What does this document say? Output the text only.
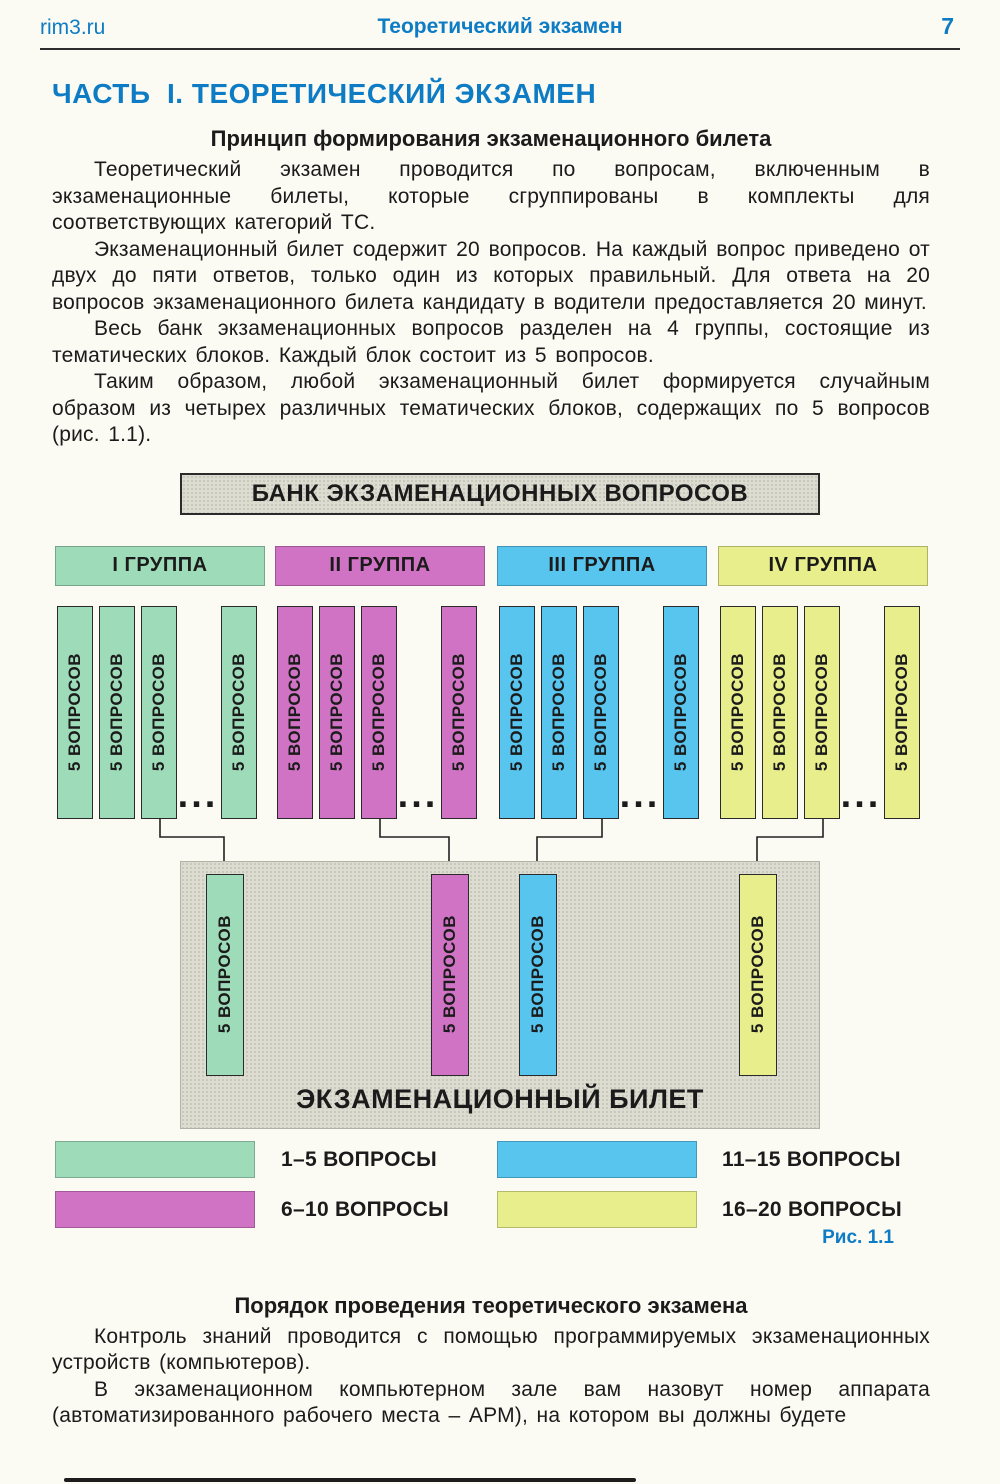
rim3.ru	Теоретический экзамен	7
ЧАСТЬ  I. ТЕОРЕТИЧЕСКИЙ ЭКЗАМЕН
Принцип формирования экзаменационного билета

Теоретический экзамен проводится по вопросам, включенным в экзаменационные билеты, которые сгруппированы в комплекты для соответствующих категорий ТС.

Экзаменационный билет содержит 20 вопросов. На каждый вопрос приведено от двух до пяти ответов, только один из которых правильный. Для ответа на 20 вопросов экзаменационного билета кандидату в водители предоставляется 20 минут.

Весь банк экзаменационных вопросов разделен на 4 группы, состоящие из тематических блоков. Каждый блок состоит из 5 вопросов.

Таким образом, любой экзаменационный билет формируется случайным образом из четырех различных тематических блоков, содержащих по 5 вопросов (рис. 1.1).

БАНК ЭКЗАМЕНАЦИОННЫХ ВОПРОСОВ
I ГРУППА
5 ВОПРОСОВ 5 ВОПРОСОВ 5 ВОПРОСОВ
...
5 ВОПРОСОВ
II ГРУППА
5 ВОПРОСОВ 5 ВОПРОСОВ 5 ВОПРОСОВ
...
5 ВОПРОСОВ
III ГРУППА
5 ВОПРОСОВ 5 ВОПРОСОВ 5 ВОПРОСОВ
...
5 ВОПРОСОВ
IV ГРУППА
5 ВОПРОСОВ 5 ВОПРОСОВ 5 ВОПРОСОВ
...
5 ВОПРОСОВ
5 ВОПРОСОВ	5 ВОПРОСОВ	5 ВОПРОСОВ	5 ВОПРОСОВ
ЭКЗАМЕНАЦИОННЫЙ БИЛЕТ
1–5 ВОПРОСЫ	11–15 ВОПРОСЫ
6–10 ВОПРОСЫ	16–20 ВОПРОСЫ
Рис. 1.1
Порядок проведения теоретического экзамена

Контроль знаний проводится с помощью программируемых экзаменационных устройств (компьютеров).

В экзаменационном компьютерном зале вам назовут номер аппарата (автоматизированного рабочего места – АРМ), на котором вы должны будете
